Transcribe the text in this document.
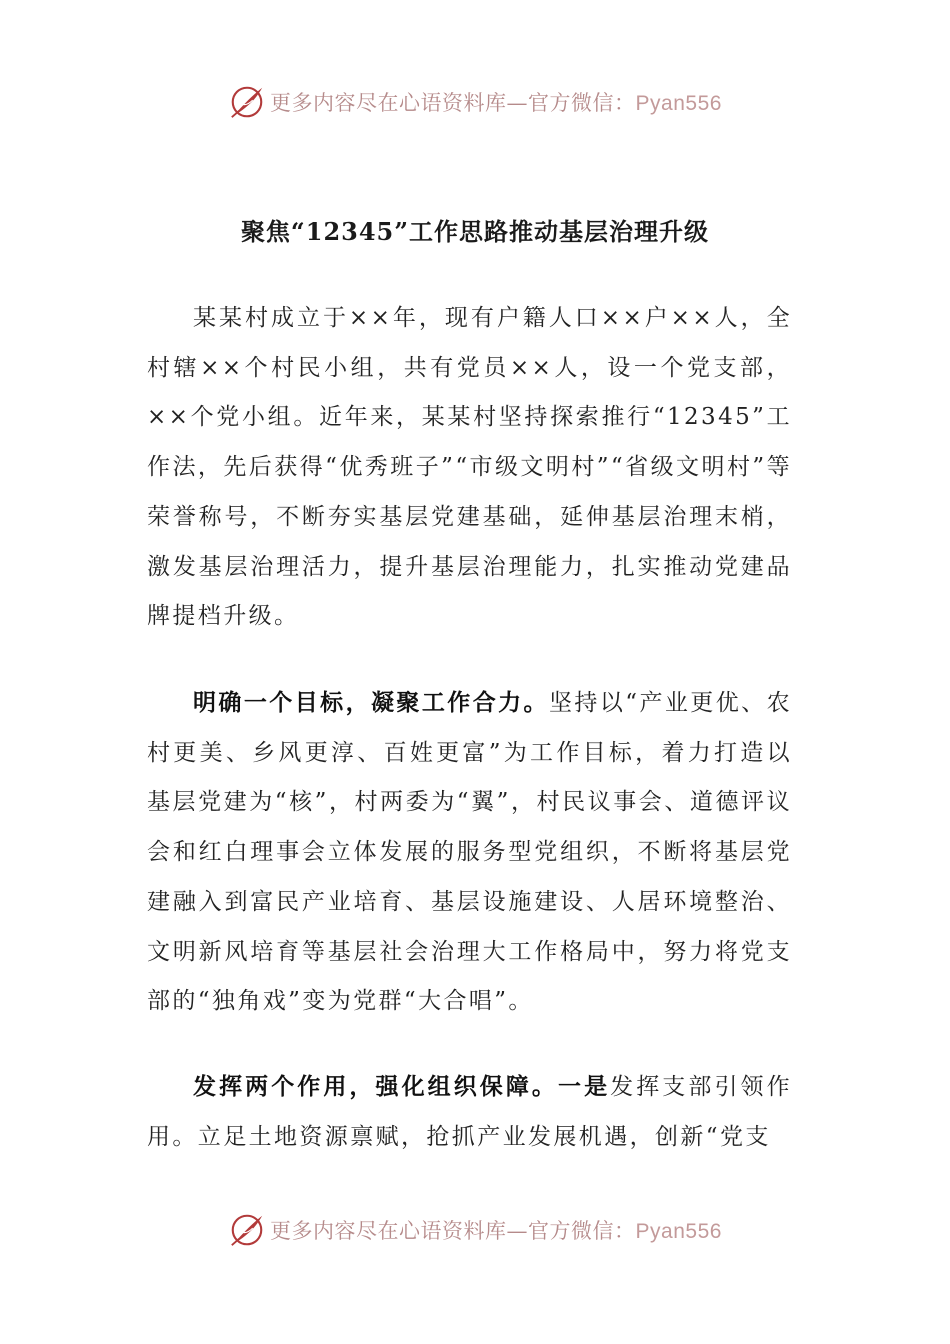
更多内容尽在心语资料库—官方微信：Pyan556
聚焦“12345”工作思路推动基层治理升级

某某村成立于××年，现有户籍人口××户××人，全村辖××个村民小组，共有党员××人，设一个党支部，××个党小组。近年来，某某村坚持探索推行“12345”工作法，先后获得“优秀班子”“市级文明村”“省级文明村”等荣誉称号，不断夯实基层党建基础，延伸基层治理末梢，激发基层治理活力，提升基层治理能力，扎实推动党建品牌提档升级。

明确一个目标，凝聚工作合力。坚持以“产业更优、农村更美、乡风更淳、百姓更富”为工作目标，着力打造以基层党建为“核”，村两委为“翼”，村民议事会、道德评议会和红白理事会立体发展的服务型党组织，不断将基层党建融入到富民产业培育、基层设施建设、人居环境整治、文明新风培育等基层社会治理大工作格局中，努力将党支部的“独角戏”变为党群“大合唱”。

发挥两个作用，强化组织保障。一是发挥支部引领作用。立足土地资源禀赋，抢抓产业发展机遇，创新“党支

更多内容尽在心语资料库—官方微信：Pyan556
